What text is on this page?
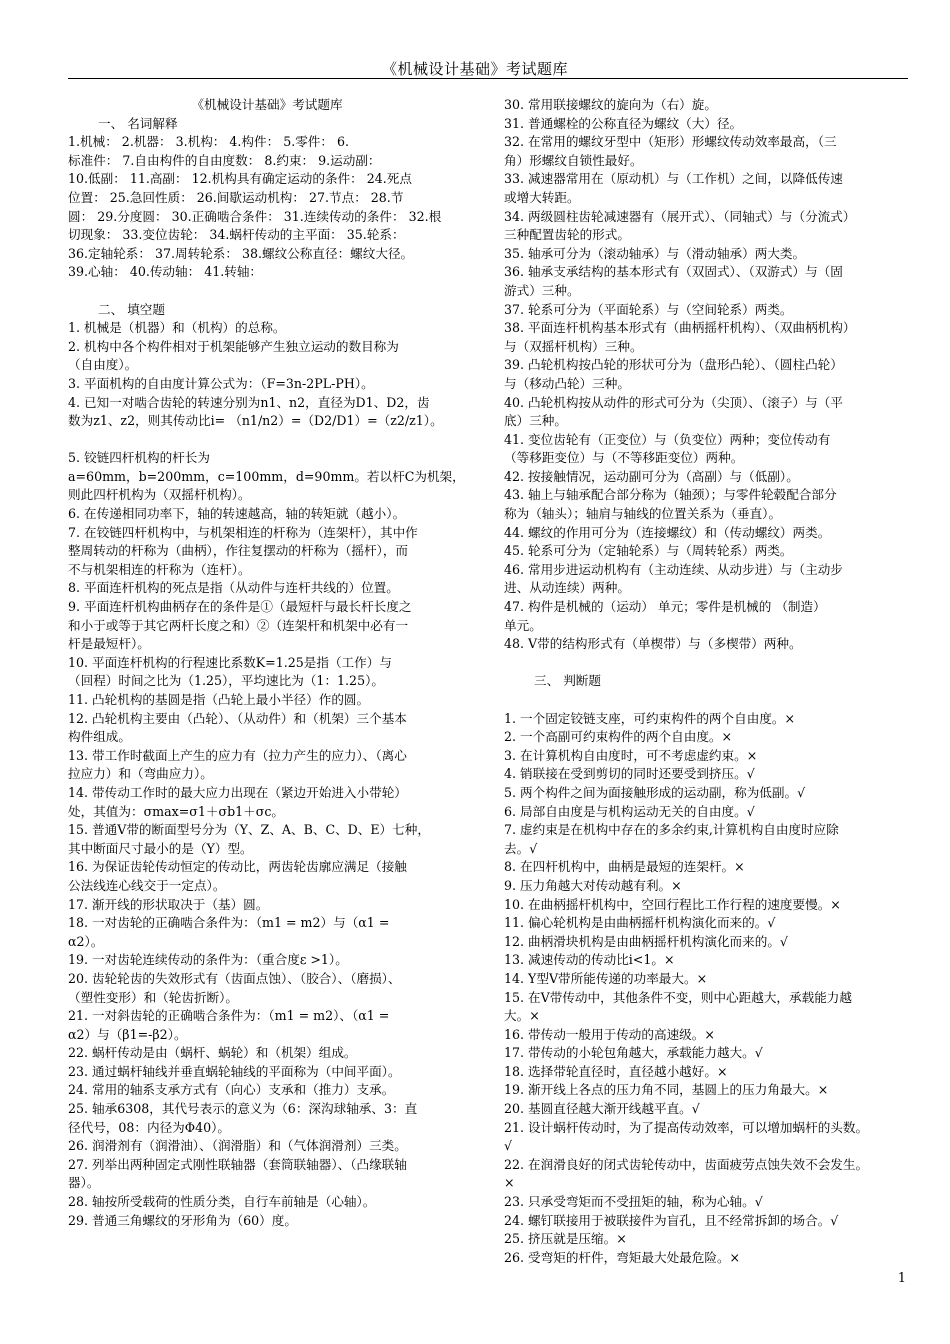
《机械设计基础》考试题库
《机械设计基础》考试题库
一、 名词解释
1.机械： 2.机器： 3.机构： 4.构件： 5.零件： 6.
标准件： 7.自由构件的自由度数： 8.约束： 9.运动副：
10.低副： 11.高副： 12.机构具有确定运动的条件： 24.死点
位置： 25.急回性质： 26.间歇运动机构： 27.节点： 28.节
圆： 29.分度圆： 30.正确啮合条件： 31.连续传动的条件： 32.根
切现象： 33.变位齿轮： 34.蜗杆传动的主平面： 35.轮系：
36.定轴轮系： 37.周转轮系： 38.螺纹公称直径：螺纹大径。
39.心轴： 40.传动轴： 41.转轴：
二、 填空题
1. 机械是（机器）和（机构）的总称。
2. 机构中各个构件相对于机架能够产生独立运动的数目称为
（自由度）。
3. 平面机构的自由度计算公式为：（F=3n-2PL-PH）。
4. 已知一对啮合齿轮的转速分别为n1、n2，直径为D1、D2，齿
数为z1、z2，则其传动比i= （n1/n2）=（D2/D1）=（z2/z1）。
5. 铰链四杆机构的杆长为
a=60mm，b=200mm，c=100mm，d=90mm。若以杆C为机架，
则此四杆机构为（双摇杆机构）。
6. 在传递相同功率下，轴的转速越高，轴的转矩就（越小）。
7. 在铰链四杆机构中，与机架相连的杆称为（连架杆），其中作
整周转动的杆称为（曲柄），作往复摆动的杆称为（摇杆），而
不与机架相连的杆称为（连杆）。
8. 平面连杆机构的死点是指（从动件与连杆共线的）位置。
9. 平面连杆机构曲柄存在的条件是①（最短杆与最长杆长度之
和小于或等于其它两杆长度之和）②（连架杆和机架中必有一
杆是最短杆）。
10. 平面连杆机构的行程速比系数K=1.25是指（工作）与
（回程）时间之比为（1.25），平均速比为（1：1.25）。
11. 凸轮机构的基圆是指（凸轮上最小半径）作的圆。
12. 凸轮机构主要由（凸轮）、（从动件）和（机架）三个基本
构件组成。
13. 带工作时截面上产生的应力有（拉力产生的应力）、（离心
拉应力）和（弯曲应力）。
14. 带传动工作时的最大应力出现在（紧边开始进入小带轮）
处，其值为：σmax=σ1＋σb1＋σc。
15. 普通V带的断面型号分为（Y、Z、A、B、C、D、E）七种，
其中断面尺寸最小的是（Y）型。
16. 为保证齿轮传动恒定的传动比，两齿轮齿廓应满足（接触
公法线连心线交于一定点）。
17. 渐开线的形状取决于（基）圆。
18. 一对齿轮的正确啮合条件为：（m1 = m2）与（α1 =
α2）。
19. 一对齿轮连续传动的条件为：（重合度ε >1）。
20. 齿轮轮齿的失效形式有（齿面点蚀）、（胶合）、（磨损）、
（塑性变形）和（轮齿折断）。
21. 一对斜齿轮的正确啮合条件为：（m1 = m2）、（α1 =
α2）与（β1=-β2）。
22. 蜗杆传动是由（蜗杆、蜗轮）和（机架）组成。
23. 通过蜗杆轴线并垂直蜗轮轴线的平面称为（中间平面）。
24. 常用的轴系支承方式有（向心）支承和（推力）支承。
25. 轴承6308，其代号表示的意义为（6：深沟球轴承、3：直
径代号，08：内径为Φ40）。
26. 润滑剂有（润滑油）、（润滑脂）和（气体润滑剂）三类。
27. 列举出两种固定式刚性联轴器（套筒联轴器）、（凸缘联轴
器）。
28. 轴按所受载荷的性质分类，自行车前轴是（心轴）。
29. 普通三角螺纹的牙形角为（60）度。
30. 常用联接螺纹的旋向为（右）旋。
31. 普通螺栓的公称直径为螺纹（大）径。
32. 在常用的螺纹牙型中（矩形）形螺纹传动效率最高，（三
角）形螺纹自锁性最好。
33. 减速器常用在（原动机）与（工作机）之间，以降低传速
或增大转距。
34. 两级圆柱齿轮减速器有（展开式）、（同轴式）与（分流式）
三种配置齿轮的形式。
35. 轴承可分为（滚动轴承）与（滑动轴承）两大类。
36. 轴承支承结构的基本形式有（双固式）、（双游式）与（固
游式）三种。
37. 轮系可分为（平面轮系）与（空间轮系）两类。
38. 平面连杆机构基本形式有（曲柄摇杆机构）、（双曲柄机构）
与（双摇杆机构）三种。
39. 凸轮机构按凸轮的形状可分为（盘形凸轮）、（圆柱凸轮）
与（移动凸轮）三种。
40. 凸轮机构按从动件的形式可分为（尖顶）、（滚子）与（平
底）三种。
41. 变位齿轮有（正变位）与（负变位）两种；变位传动有
（等移距变位）与（不等移距变位）两种。
42. 按接触情况，运动副可分为（高副）与（低副）。
43. 轴上与轴承配合部分称为（轴颈）；与零件轮毂配合部分
称为（轴头）；轴肩与轴线的位置关系为（垂直）。
44. 螺纹的作用可分为（连接螺纹）和（传动螺纹）两类。
45. 轮系可分为（定轴轮系）与（周转轮系）两类。
46. 常用步进运动机构有（主动连续、从动步进）与（主动步
进、从动连续）两种。
47. 构件是机械的（运动） 单元；零件是机械的 （制造）
单元。
48. V带的结构形式有（单楔带）与（多楔带）两种。
三、 判断题
1. 一个固定铰链支座，可约束构件的两个自由度。×
2. 一个高副可约束构件的两个自由度。×
3. 在计算机构自由度时，可不考虑虚约束。×
4. 销联接在受到剪切的同时还要受到挤压。√
5. 两个构件之间为面接触形成的运动副，称为低副。√
6. 局部自由度是与机构运动无关的自由度。√
7. 虚约束是在机构中存在的多余约束,计算机构自由度时应除
去。√
8. 在四杆机构中，曲柄是最短的连架杆。×
9. 压力角越大对传动越有利。×
10. 在曲柄摇杆机构中，空回行程比工作行程的速度要慢。×
11. 偏心轮机构是由曲柄摇杆机构演化而来的。√
12. 曲柄滑块机构是由曲柄摇杆机构演化而来的。√
13. 减速传动的传动比i<1。×
14. Y型V带所能传递的功率最大。×
15. 在V带传动中，其他条件不变，则中心距越大，承载能力越
大。×
16. 带传动一般用于传动的高速级。×
17. 带传动的小轮包角越大，承载能力越大。√
18. 选择带轮直径时，直径越小越好。×
19. 渐开线上各点的压力角不同，基圆上的压力角最大。×
20. 基圆直径越大渐开线越平直。√
21. 设计蜗杆传动时，为了提高传动效率，可以增加蜗杆的头数。
√
22. 在润滑良好的闭式齿轮传动中，齿面疲劳点蚀失效不会发生。
×
23. 只承受弯矩而不受扭矩的轴，称为心轴。√
24. 螺钉联接用于被联接件为盲孔，且不经常拆卸的场合。√
25. 挤压就是压缩。×
26. 受弯矩的杆件，弯矩最大处最危险。×
1
